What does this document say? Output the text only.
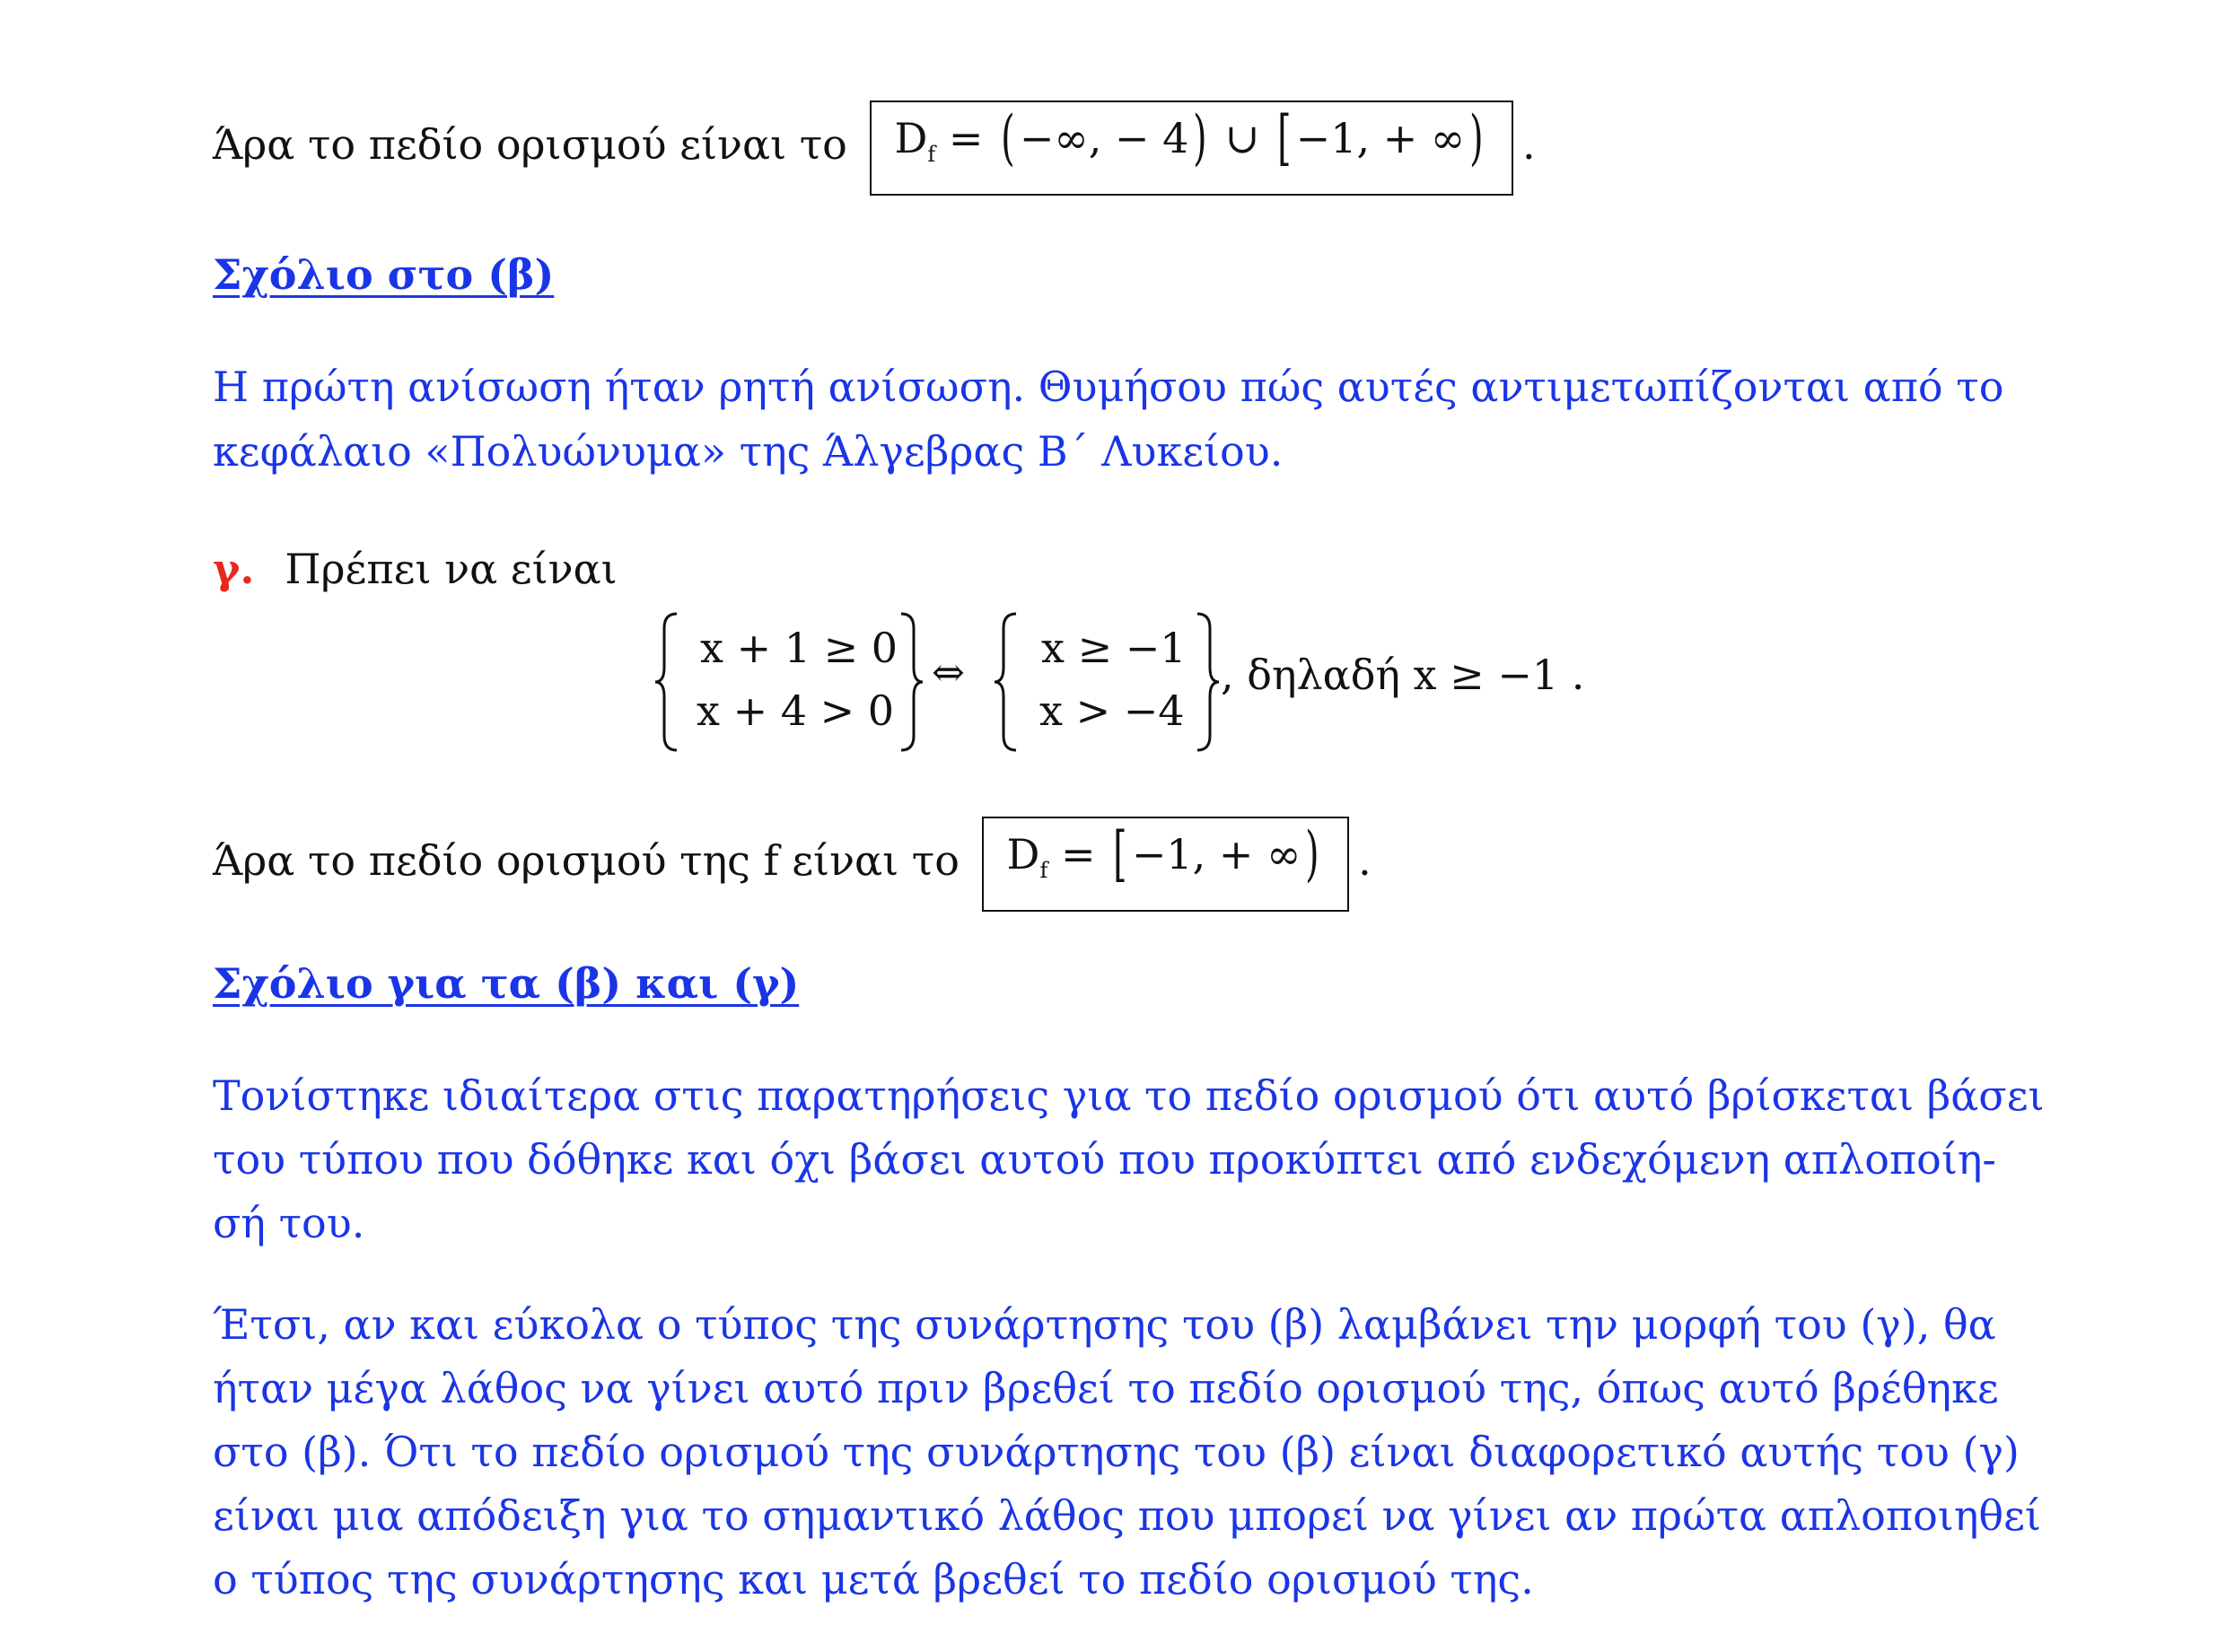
Άρα το πεδίο ορισμού είναι το $D_f$ = ( −∞, − 4) ∪ [ −1, + ∞) .
Σχόλιο στο (β)
Η πρώτη ανίσωση ήταν ρητή ανίσωση. Θυμήσου πώς αυτές αντιμετωπίζονται από το
κεφάλαιο «Πολυώνυμα» της Άλγεβρας Β΄ Λυκείου.
γ. Πρέπει να είναι
x + 1 ≥ 0
x + 4 > 0
⇔
x ≥ −1
x > −4
, δηλαδή x ≥ −1 .
Άρα το πεδίο ορισμού της f είναι το $D_f$ = [ −1, + ∞) .
Σχόλιο για τα (β) και (γ)
Τονίστηκε ιδιαίτερα στις παρατηρήσεις για το πεδίο ορισμού ότι αυτό βρίσκεται βάσει
του τύπου που δόθηκε και όχι βάσει αυτού που προκύπτει από ενδεχόμενη απλοποίη-
σή του.
Έτσι, αν και εύκολα ο τύπος της συνάρτησης του (β) λαμβάνει την μορφή του (γ), θα
ήταν μέγα λάθος να γίνει αυτό πριν βρεθεί το πεδίο ορισμού της, όπως αυτό βρέθηκε
στο (β). Ότι το πεδίο ορισμού της συνάρτησης του (β) είναι διαφορετικό αυτής του (γ)
είναι μια απόδειξη για το σημαντικό λάθος που μπορεί να γίνει αν πρώτα απλοποιηθεί
ο τύπος της συνάρτησης και μετά βρεθεί το πεδίο ορισμού της.
